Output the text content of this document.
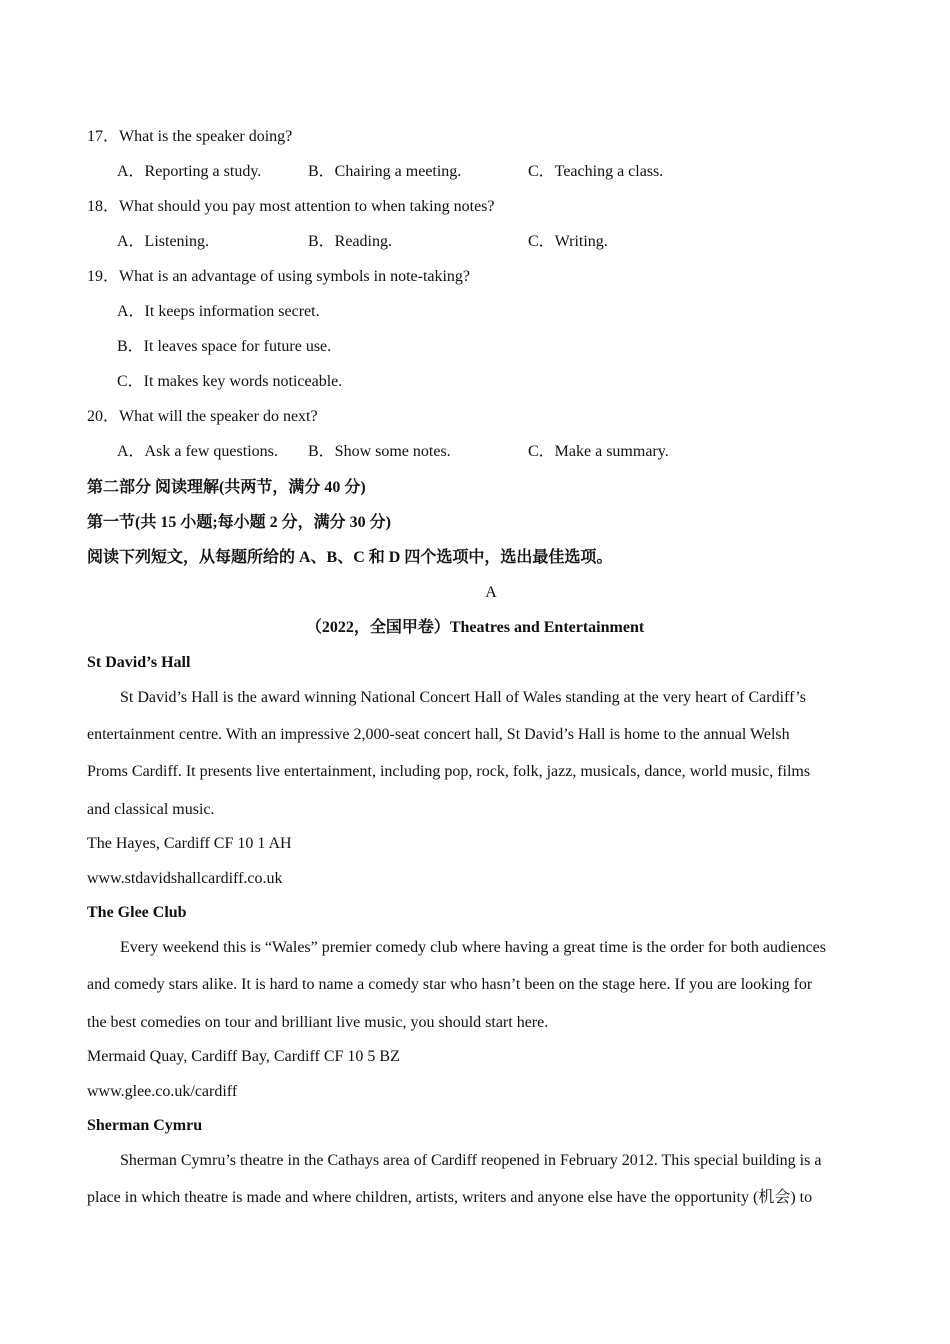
17．What is the speaker doing?
A．Reporting a study.	B．Chairing a meeting.	C．Teaching a class.
18．What should you pay most attention to when taking notes?
A．Listening.	B．Reading.	C．Writing.
19．What is an advantage of using symbols in note-taking?
A．It keeps information secret.
B．It leaves space for future use.
C．It makes key words noticeable.
20．What will the speaker do next?
A．Ask a few questions. B．Show some notes.	C．Make a summary.
第二部分 阅读理解(共两节，满分 40 分)
第一节(共 15 小题;每小题 2 分，满分 30 分)
阅读下列短文，从每题所给的 A、B、C 和 D 四个选项中，选出最佳选项。
A
（2022，全国甲卷）Theatres and Entertainment
St David’s Hall
St David’s Hall is the award winning National Concert Hall of Wales standing at the very heart of Cardiff’s
entertainment centre. With an impressive 2,000-seat concert hall, St David’s Hall is home to the annual Welsh
Proms Cardiff. It presents live entertainment, including pop, rock, folk, jazz, musicals, dance, world music, films
and classical music.
The Hayes, Cardiff CF 10 1 AH
www.stdavidshallcardiff.co.uk
The Glee Club
Every weekend this is “Wales” premier comedy club where having a great time is the order for both audiences
and comedy stars alike. It is hard to name a comedy star who hasn’t been on the stage here. If you are looking for
the best comedies on tour and brilliant live music, you should start here.
Mermaid Quay, Cardiff Bay, Cardiff CF 10 5 BZ
www.glee.co.uk/cardiff
Sherman Cymru
Sherman Cymru’s theatre in the Cathays area of Cardiff reopened in February 2012. This special building is a
place in which theatre is made and where children, artists, writers and anyone else have the opportunity (机会) to
